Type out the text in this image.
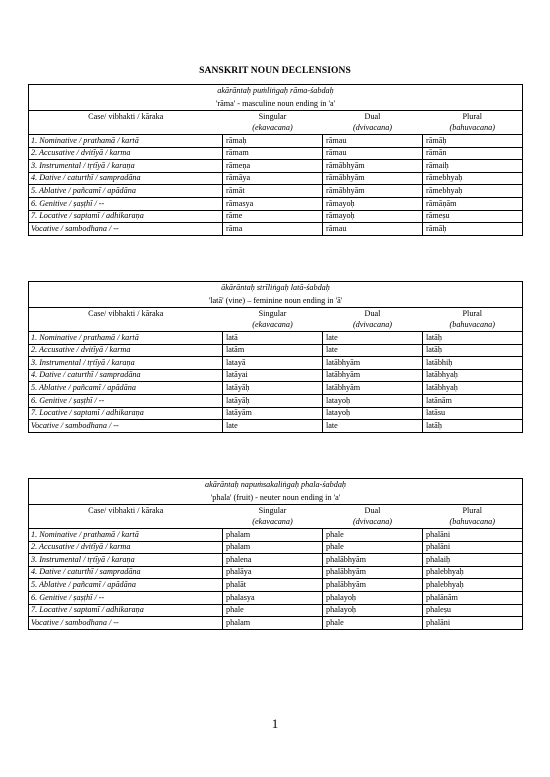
SANSKRIT NOUN DECLENSIONS
akārāntaḥ puṁliṅgaḥ rāma-śabdaḥ			
'rāma' - masculine noun ending in 'a'			
Case/ vibhakti / kāraka	Singular	Dual	Plural
	(ekavacana)	(dvivacana)	(bahuvacana)
1. Nominative / prathamā / kartā	rāmaḥ	rāmau	rāmāḥ
2. Accusative / dvitīyā / karma	rāmam	rāmau	rāmān
3. Instrumental / tṛtīyā / karaṇa	rāmeṇa	rāmābhyām	rāmaiḥ
4. Dative / caturthī / sampradāna	rāmāya	rāmābhyām	rāmebhyaḥ
5. Ablative / pañcamī / apādāna	rāmāt	rāmābhyām	rāmebhyaḥ
6. Genitive / ṣaṣṭhī / --	rāmasya	rāmayoḥ	rāmāṇām
7. Locative / saptamī / adhikaraṇa	rāme	rāmayoḥ	rāmeṣu
Vocative / sambodhana / --	rāma	rāmau	rāmāḥ
ākārāntaḥ strīliṅgaḥ latā-śabdaḥ			
'latā' (vine) – feminine noun ending in 'ā'			
Case/ vibhakti / kāraka	Singular	Dual	Plural
	(ekavacana)	(dvivacana)	(bahuvacana)
1. Nominative / prathamā / kartā	latā	late	latāḥ
2. Accusative / dvitīyā / karma	latām	late	latāḥ
3. Instrumental / tṛtīyā / karaṇa	latayā	latābhyām	latābhiḥ
4. Dative / caturthī / sampradāna	latāyai	latābhyām	latābhyaḥ
5. Ablative / pañcamī / apādāna	latāyāḥ	latābhyām	latābhyaḥ
6. Genitive / ṣaṣṭhī / --	latāyāḥ	latayoḥ	latānām
7. Locative / saptamī / adhikaraṇa	latāyām	latayoḥ	latāsu
Vocative / sambodhana / --	late	late	latāḥ
akārāntaḥ napuṁsakaliṅgaḥ phala-śabdaḥ			
'phala' (fruit) - neuter noun ending in 'a'			
Case/ vibhakti / kāraka	Singular	Dual	Plural
	(ekavacana)	(dvivacana)	(bahuvacana)
1. Nominative / prathamā / kartā	phalam	phale	phalāni
2. Accusative / dvitīyā / karma	phalam	phale	phalāni
3. Instrumental / tṛtīyā / karaṇa	phalena	phalābhyām	phalaiḥ
4. Dative / caturthī / sampradāna	phalāya	phalābhyām	phalebhyaḥ
5. Ablative / pañcamī / apādāna	phalāt	phalābhyām	phalebhyaḥ
6. Genitive / ṣaṣṭhī / --	phalasya	phalayoḥ	phalānām
7. Locative / saptamī / adhikaraṇa	phale	phalayoḥ	phaleṣu
Vocative / sambodhana / --	phalam	phale	phalāni
1
